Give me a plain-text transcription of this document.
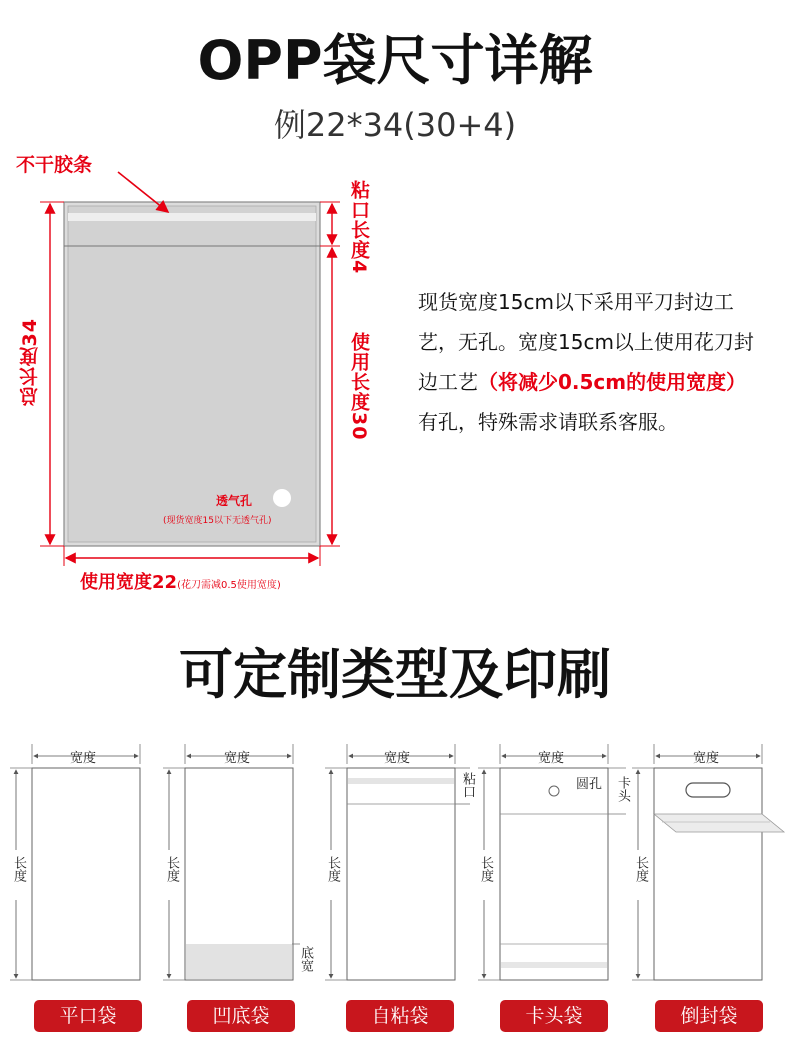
OPP袋尺寸详解
例22*34(30+4)
不干胶条
粘口长度4
使用长度30
总长度34
透气孔
(现货宽度15以下无透气孔)
使用宽度22(花刀需减0.5使用宽度)
现货宽度15cm以下采用平刀封边工艺，无孔。宽度15cm以上使用花刀封边工艺（将减少0.5cm的使用宽度）有孔，特殊需求请联系客服。
可定制类型及印刷
宽度
长度
宽度
长度
底宽
宽度
长度
粘口
宽度
长度
圆孔 卡头
宽度
长度
平口袋	凹底袋	自粘袋	卡头袋	倒封袋
